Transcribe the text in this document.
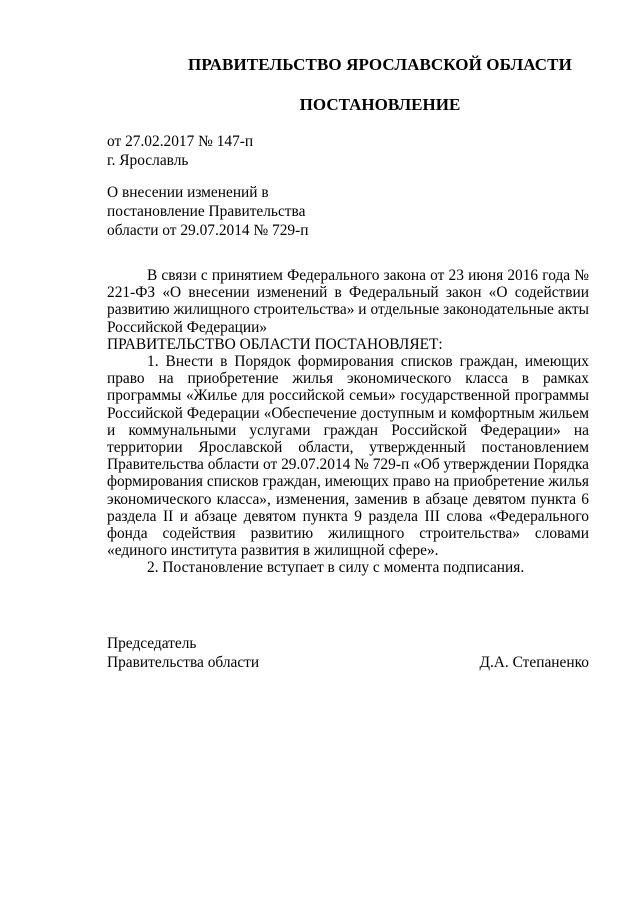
ПРАВИТЕЛЬСТВО ЯРОСЛАВСКОЙ ОБЛАСТИ
ПОСТАНОВЛЕНИЕ
от 27.02.2017 № 147-п
г. Ярославль
О внесении изменений в
постановление Правительства
области от 29.07.2014 № 729-п

В связи с принятием Федерального закона от 23 июня 2016 года № 221-ФЗ «О внесении изменений в Федеральный закон «О содействии развитию жилищного строительства» и отдельные законодательные акты Российской Федерации»

ПРАВИТЕЛЬСТВО ОБЛАСТИ ПОСТАНОВЛЯЕТ:

1. Внести в Порядок формирования списков граждан, имеющих право на приобретение жилья экономического класса в рамках программы «Жилье для российской семьи» государственной программы Российской Федерации «Обеспечение доступным и комфортным жильем и коммунальными услугами граждан Российской Федерации» на территории Ярославской области, утвержденный постановлением Правительства области от 29.07.2014 № 729-п «Об утверждении Порядка формирования списков граждан, имеющих право на приобретение жилья экономического класса», изменения, заменив в абзаце девятом пункта 6 раздела II и абзаце девятом пункта 9 раздела III слова «Федерального фонда содействия развитию жилищного строительства» словами «единого института развития в жилищной сфере».

2. Постановление вступает в силу с момента подписания.

Председатель
Правительства области	Д.А. Степаненко
